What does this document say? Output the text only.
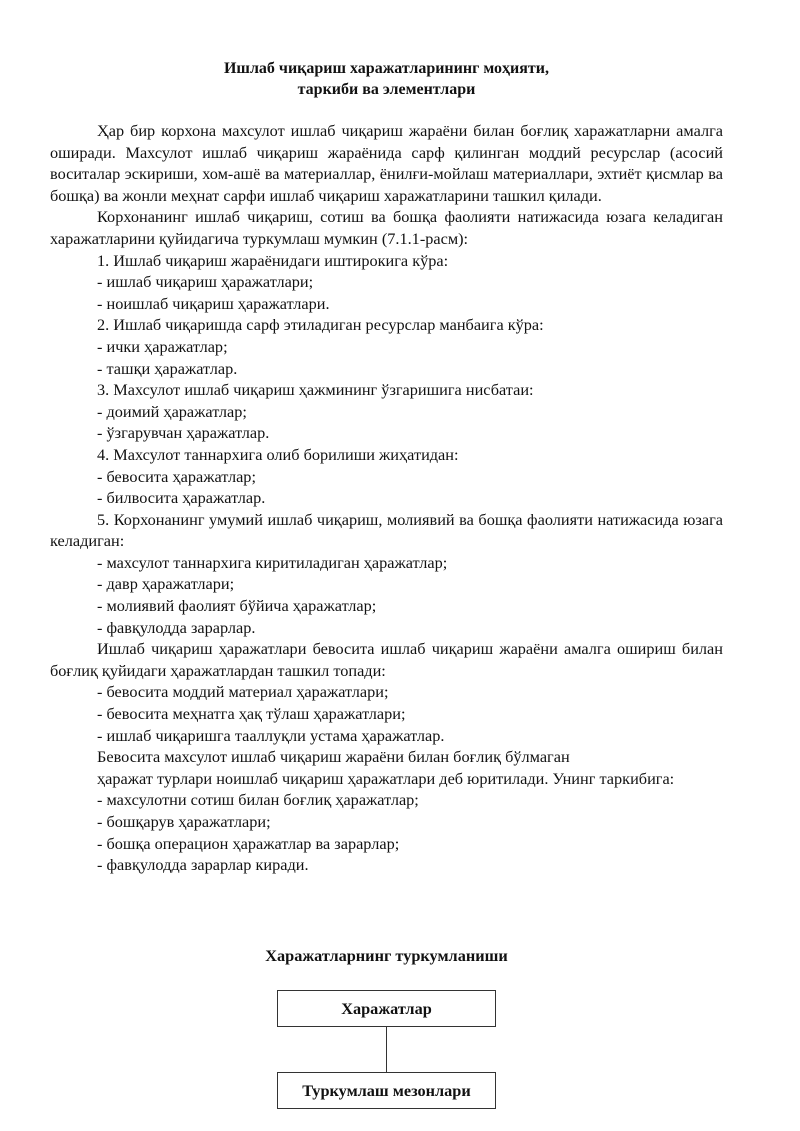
Ишлаб чиқариш харажатларининг моҳияти,
таркиби ва элементлари
Ҳар бир корхона махсулот ишлаб чиқариш жараёни билан боғлиқ харажатларни амалга оширади. Махсулот ишлаб чиқариш жараёнида сарф қилинган моддий ресурслар (асосий воситалар эскириши, хом-ашё ва материаллар, ёнилғи-мойлаш материаллари, эхтиёт қисмлар ва бошқа) ва жонли меҳнат сарфи ишлаб чиқариш харажатларини ташкил қилади.
Корхонанинг ишлаб чиқариш, сотиш ва бошқа фаолияти натижасида юзага келадиган харажатларини қуйидагича туркумлаш мумкин (7.1.1-расм):
1. Ишлаб чиқариш жараёнидаги иштирокига кўра:
- ишлаб чиқариш ҳаражатлари;
- ноишлаб чиқариш ҳаражатлари.
2. Ишлаб чиқаришда сарф этиладиган ресурслар манбаига кўра:
- ички ҳаражатлар;
- ташқи ҳаражатлар.
3. Махсулот ишлаб чиқариш ҳажмининг ўзгаришига нисбатаи:
- доимий ҳаражатлар;
- ўзгарувчан ҳаражатлар.
4. Махсулот таннархига олиб борилиши жиҳатидан:
- бевосита ҳаражатлар;
- билвосита ҳаражатлар.
5. Корхонанинг умумий ишлаб чиқариш, молиявий ва бошқа фаолияти натижасида юзага келадиган:
- махсулот таннархига киритиладиган ҳаражатлар;
- давр ҳаражатлари;
- молиявий фаолият бўйича ҳаражатлар;
- фавқулодда зарарлар.
Ишлаб чиқариш ҳаражатлари бевосита ишлаб чиқариш жараёни амалга ошириш билан боғлиқ қуйидаги ҳаражатлардан ташкил топади:
- бевосита моддий материал ҳаражатлари;
- бевосита меҳнатга ҳақ тўлаш ҳаражатлари;
- ишлаб чиқаришга тааллуқли устама ҳаражатлар.
Бевосита махсулот ишлаб чиқариш жараёни билан боғлиқ бўлмаган
ҳаражат турлари ноишлаб чиқариш ҳаражатлари деб юритилади. Унинг таркибига:
- махсулотни сотиш билан боғлиқ ҳаражатлар;
- бошқарув ҳаражатлари;
- бошқа операцион ҳаражатлар ва зарарлар;
- фавқулодда зарарлар киради.
Харажатларнинг туркумланиши
Харажатлар
Туркумлаш мезонлари
